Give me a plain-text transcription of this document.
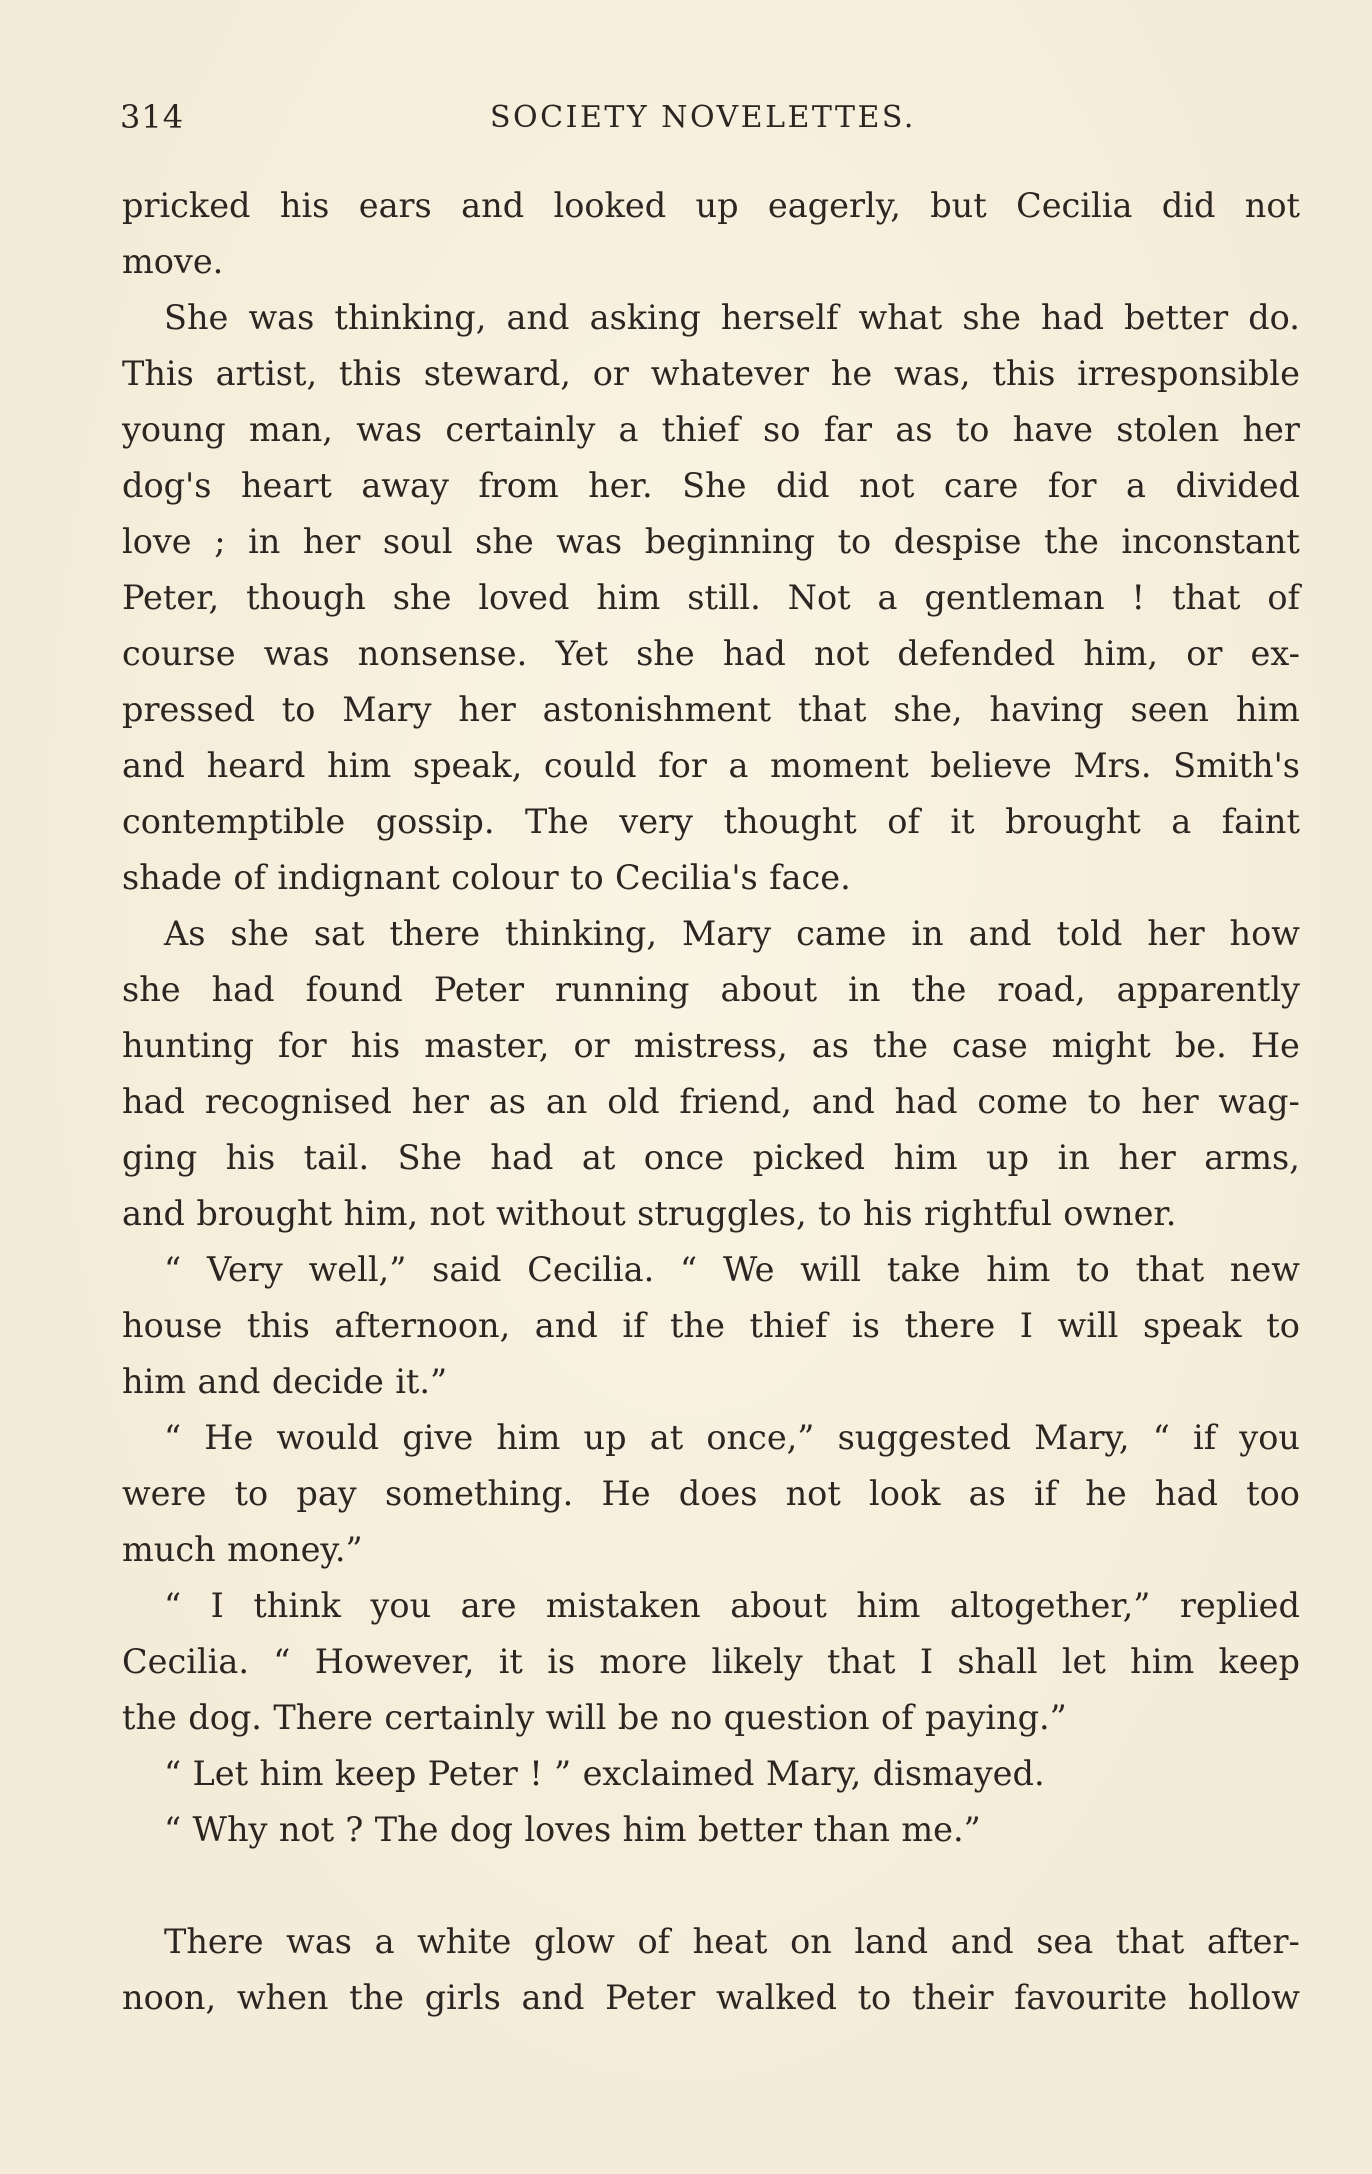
314	SOCIETY NOVELETTES.
pricked his ears and looked up eagerly, but Cecilia did not
move.
She was thinking, and asking herself what she had better do.
This artist, this steward, or whatever he was, this irresponsible
young man, was certainly a thief so far as to have stolen her
dog's heart away from her. She did not care for a divided
love ; in her soul she was beginning to despise the inconstant
Peter, though she loved him still. Not a gentleman ! that of
course was nonsense. Yet she had not defended him, or ex-
pressed to Mary her astonishment that she, having seen him
and heard him speak, could for a moment believe Mrs. Smith's
contemptible gossip. The very thought of it brought a faint
shade of indignant colour to Cecilia's face.
As she sat there thinking, Mary came in and told her how
she had found Peter running about in the road, apparently
hunting for his master, or mistress, as the case might be. He
had recognised her as an old friend, and had come to her wag-
ging his tail. She had at once picked him up in her arms,
and brought him, not without struggles, to his rightful owner.
“ Very well,” said Cecilia. “ We will take him to that new
house this afternoon, and if the thief is there I will speak to
him and decide it.”
“ He would give him up at once,” suggested Mary, “ if you
were to pay something. He does not look as if he had too
much money.”
“ I think you are mistaken about him altogether,” replied
Cecilia. “ However, it is more likely that I shall let him keep
the dog. There certainly will be no question of paying.”
“ Let him keep Peter ! ” exclaimed Mary, dismayed.
“ Why not ? The dog loves him better than me.”
There was a white glow of heat on land and sea that after-
noon, when the girls and Peter walked to their favourite hollow
